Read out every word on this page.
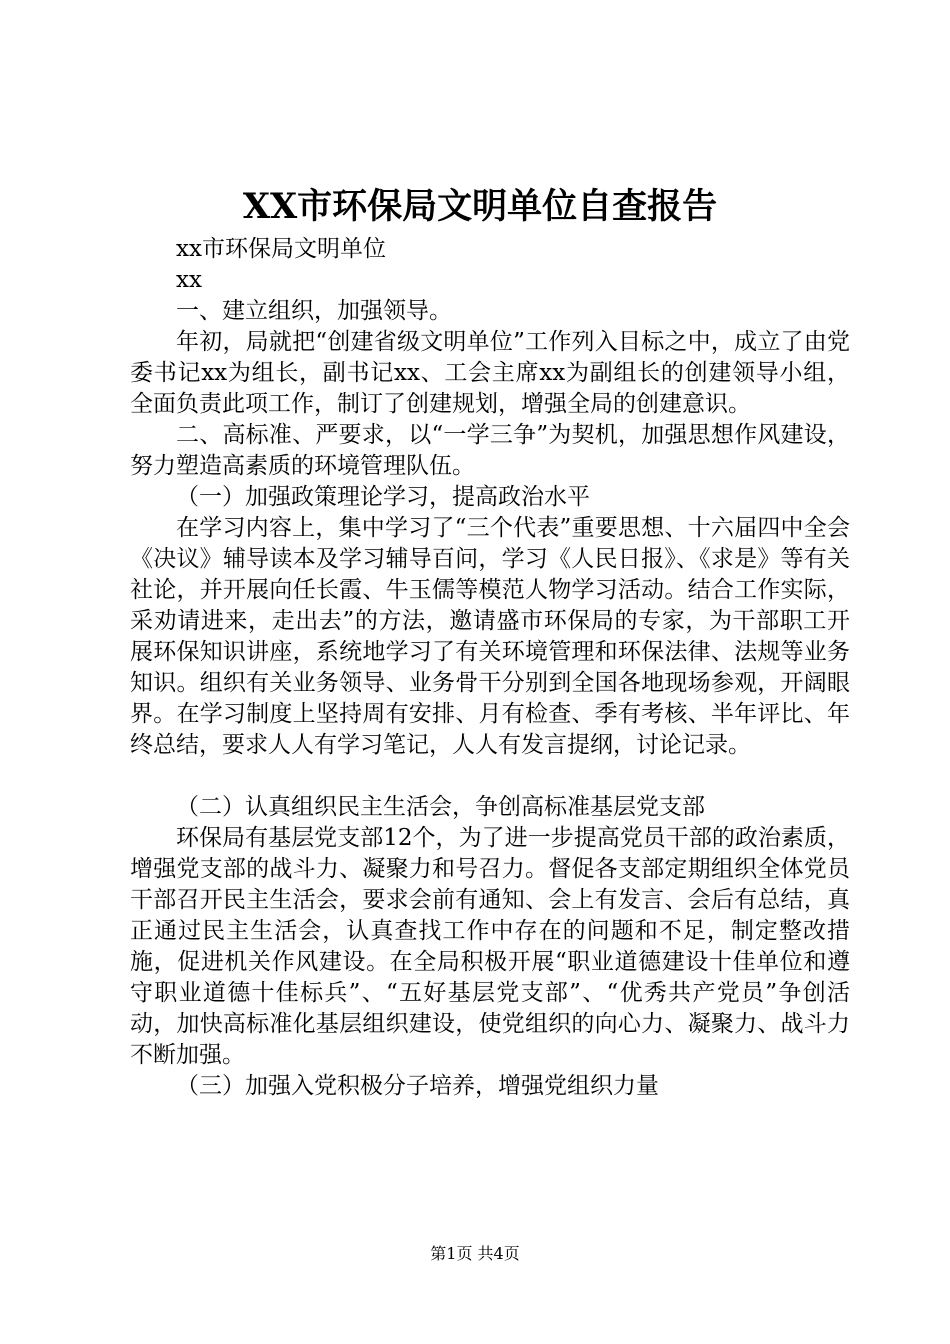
XX市环保局文明单位自查报告

xx市环保局文明单位

xx

一、建立组织，加强领导。

年初，局就把“创建省级文明单位”工作列入目标之中，成立了由党委书记xx为组长，副书记xx、工会主席xx为副组长的创建领导小组，全面负责此项工作，制订了创建规划，增强全局的创建意识。

二、高标准、严要求，以“一学三争”为契机，加强思想作风建设，努力塑造高素质的环境管理队伍。

（一）加强政策理论学习，提高政治水平

在学习内容上，集中学习了“三个代表”重要思想、十六届四中全会《决议》辅导读本及学习辅导百问，学习《人民日报》、《求是》等有关社论，并开展向任长霞、牛玉儒等模范人物学习活动。结合工作实际，采劝请进来，走出去”的方法，邀请盛市环保局的专家，为干部职工开展环保知识讲座，系统地学习了有关环境管理和环保法律、法规等业务知识。组织有关业务领导、业务骨干分别到全国各地现场参观，开阔眼界。在学习制度上坚持周有安排、月有检查、季有考核、半年评比、年终总结，要求人人有学习笔记，人人有发言提纲，讨论记录。

（二）认真组织民主生活会，争创高标准基层党支部

环保局有基层党支部12个，为了进一步提高党员干部的政治素质，增强党支部的战斗力、凝聚力和号召力。督促各支部定期组织全体党员干部召开民主生活会，要求会前有通知、会上有发言、会后有总结，真正通过民主生活会，认真查找工作中存在的问题和不足，制定整改措施，促进机关作风建设。在全局积极开展“职业道德建设十佳单位和遵守职业道德十佳标兵”、“五好基层党支部”、“优秀共产党员”争创活动，加快高标准化基层组织建设，使党组织的向心力、凝聚力、战斗力不断加强。

（三）加强入党积极分子培养，增强党组织力量

第1页 共4页
